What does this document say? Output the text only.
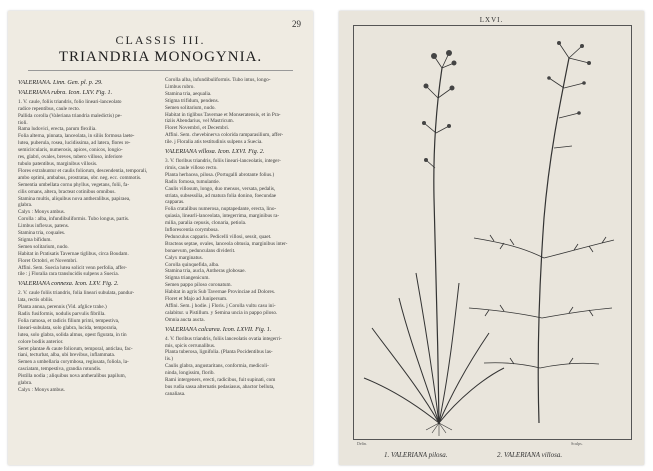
29
CLASSIS III.
TRIANDRIA MONOGYNIA.
VALERIANA. Linn. Gen. pl. p. 29.
VALERIANA rubra. Icon. LXV. Fig. 1.
1. V. caule, foliis triandris, folio lineari-lanceolato
radice repentibus, caule recto.
Pallida corolla (Valeriana triandria maledictis) pe-
tioli.
Rama ludovici, erecta, parum flexilia.
Folia alterna, pinnata, lanceolata, in siliis formosa laete-
lutea, puberula, rosea, lucidissima, ad latera, flores re-
semicircularis, numerosis, apices, conicos, longio-
res, glabri, ovales, breves, tubero villoso, inferiore
tubulo patentibus, marginibus villosis.
Flores extrahuntur et caulis foliorum, descendentia, temporali,
ambo optimi, ambabus, prostratas, obr. neg. ecc. commotis.
Sementia umbellata cornu phyllus, vegetans, folii, fa-
cilis ornans, altera, bracteat cotinibus omnibus.
Stamina multis, aliquibus nova antheralibus, papiraea,
glabra.
Calyx : Monys ambus.
Corolla : alba, infundibuliformis. Tubo longus, partis.
Limbus inflexus, patens.
Stamina tria, coquales.
Stigma bifidum.
Semen solitarium, nudo.
Habitat in Pratisatis Tavernae tiglibus, circa Boudam.
Floret Octobri, et Novembri.
Affini. Sem. Suecia lutea solicit venn perfolia, affer-
tile : j Floralia rara translucidis sulpens a Suecia.
VALERIANA connexa. Icon. LXV. Fig. 2.
2. V. caule foliis triandris, folia lineari subulata, pandur-
lata, rectis obliis.
Planta annua, perennis (Vid. afglice trahe.)
Radix fusiformis, nodulis parvulis fibrilla.
Folia ramosa, et radicis filium primi, tempestiva,
lineari-subulata, solo glabra, lucida, temporaria,
lutea, solo glabra, solida almus, opest figurata, in tin
colore bodiis anterior.
Seret plantae & caute foliorum, temporal, anticlau, fac-
tiani, tecturbat, alba, ubi brevibus, inflammata.
Semen a umbellaria corymbosa, regiusata, foliola, la-
casciatam, tempestiva, grandia rotundis.
Pistilla nodia ; aliquibus nova antheralibus papilum,
glabra.
Calyx : Monys ambus.
Corolla alba, infundibuliformis. Tubo intus, longo-
Limbus rubro.
Stamina tria, aequalia.
Stigma trifidum, pendens.
Semen solitarium, nudo.
Habitat in tiglibus Tavernae et Monseratensis, et in Pra-
tiziis Abendarius, vel Mastricum.
Floret Novembri, et Decembri.
Affini. Sem. chevebinerva colorida ramparasilium, affer-
tile. j Floralia atis testitudinis sulpens a Suecia.
VALERIANA villosa. Icon. LXVI. Fig. 2.
3. V. floribus triandris, foliis lineari-lanceolatis, integer-
rimis, caule villoso recto.
Planta herbacea, pilosa. (Portugalli abrotante folius.)
Radix fomosa, tumulantie.
Caulis villosum, longo, duo mensos, versata, pedalis,
striata, subsessilia, ad matura folia donino, foecundae
capparas.
Folia cratalibus numerosa, nuptapedante, erecta, lino-
quiasia, linearli-lanceolata, integerrima, marginibus ra-
milia, paralia cepusis, clonaria, petiola.
Inflorescentia corymbosa.
Pedunculus capparis. Pedicelli villosi, sessit, quaet.
Bracteas septae, ovales, lanceola obtusia, marginibus inter-
bonaevum, pedunculans dividerit.
Calyx marginatus.
Corolla quinquefida, alba.
Stamina tria, aucla, Antheras globosae.
Stigma triangenicum.
Semen pappo piloso coronatum.
Habitat in agris Sub Tavernae Provinciae ad Dolores.
Floret et Majo ad Junipersum.
Affini. Sem. j hodie. j Floris. j Corolla vultu casu ini-
calabitur. u Pistillum. y Semina uncia in pappo piloso.
Omnia aucta aucta.
VALERIANA calcarea. Icon. LXVII. Fig. 1.
4. V. floribus triandris, foliis lanceolatis ovatia integerri-
mis, spicis cerrunalibus.
Planta tuberosa, lignifolia. (Planta Pocidentibus las-
lis.)
Caulis glabra, angustaritans, conformia, medicoli-
ninda, longissim, florib.
Rami intergeners, erecti, radicibus, fuit supinati, com
bus rudia sassa alternatis pedasiasus, abactor belluta,
canaliasa.
LXVI.
Delin.	Sculps.
1. VALERIANA pilosa.	2. VALERIANA villosa.
